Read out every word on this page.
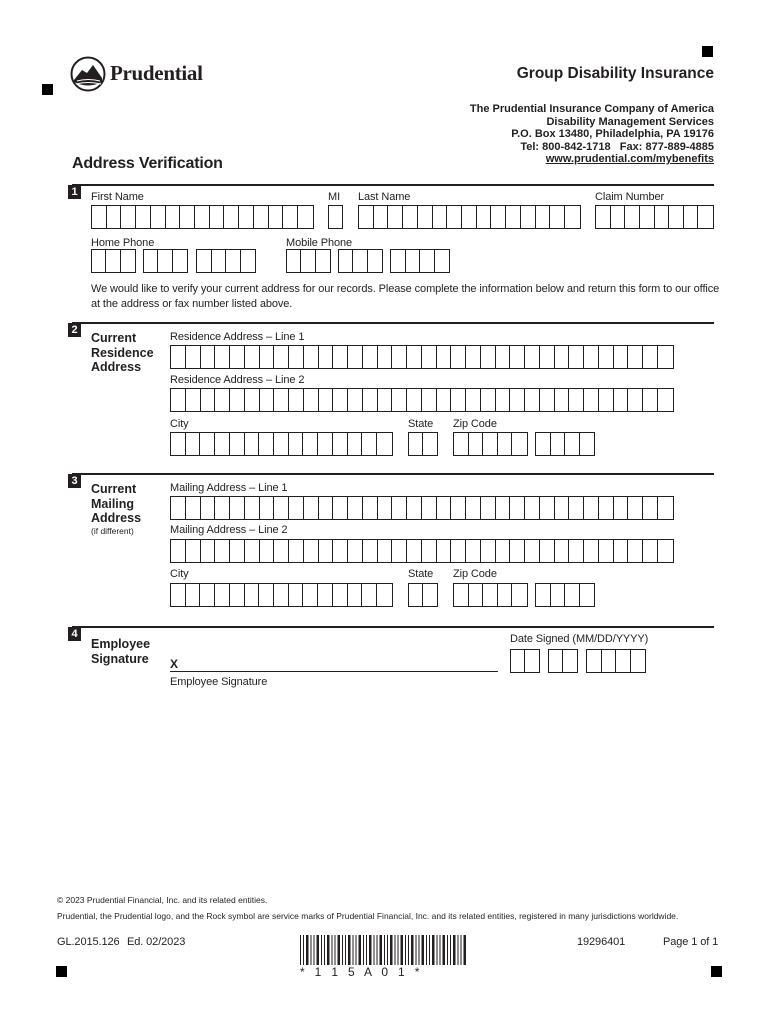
Prudential	Group Disability Insurance
The Prudential Insurance Company of America
Disability Management Services
P.O. Box 13480, Philadelphia, PA 19176
Tel: 800-842-1718   Fax: 877-889-4885
www.prudential.com/mybenefits
Address Verification
1	First Name	MI Last Name	Claim Number
Home Phone	Mobile Phone
We would like to verify your current address for our records. Please complete the information below and return this form to our office
at the address or fax number listed above.
2
Current
Residence
Address
Residence Address – Line 1
Residence Address – Line 2
City	State Zip Code
3
Current
Mailing
Address
(if different)
Mailing Address – Line 1
Mailing Address – Line 2
City	State Zip Code
4
Employee
Signature
Date Signed (MM/DD/YYYY)
X
Employee Signature
© 2023 Prudential Financial, Inc. and its related entities.
Prudential, the Prudential logo, and the Rock symbol are service marks of Prudential Financial, Inc. and its related entities, registered in many jurisdictions worldwide.
GL.2015.126 Ed. 02/2023
*   1   1   5   A   0   1   *
19296401	Page 1 of 1
